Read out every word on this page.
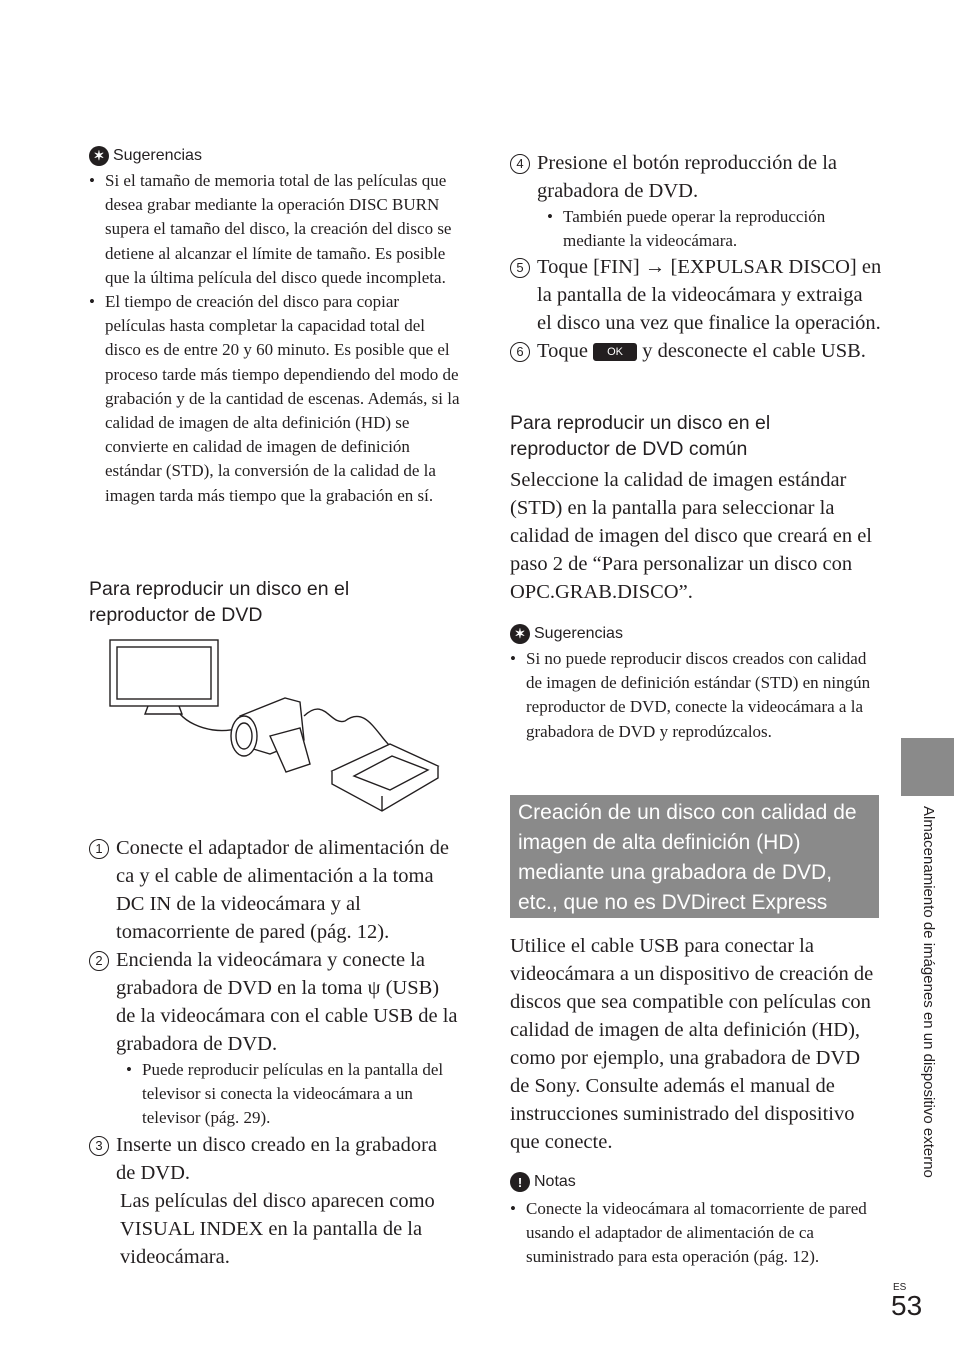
✶ Sugerencias
• Si el tamaño de memoria total de las películas que desea grabar mediante la operación DISC BURN supera el tamaño del disco, la creación del disco se detiene al alcanzar el límite de tamaño. Es posible que la última película del disco quede incompleta.
• El tiempo de creación del disco para copiar películas hasta completar la capacidad total del disco es de entre 20 y 60 minuto. Es posible que el proceso tarde más tiempo dependiendo del modo de grabación y de la cantidad de escenas. Además, si la calidad de imagen de alta definición (HD) se convierte en calidad de imagen de definición estándar (STD), la conversión de la calidad de la imagen tarda más tiempo que la grabación en sí.
Para reproducir un disco en el reproductor de DVD
1 Conecte el adaptador de alimentación de ca y el cable de alimentación a la toma DC IN de la videocámara y al tomacorriente de pared (pág. 12).
2 Encienda la videocámara y conecte la grabadora de DVD en la toma ψ (USB) de la videocámara con el cable USB de la grabadora de DVD.
• Puede reproducir películas en la pantalla del televisor si conecta la videocámara a un televisor (pág. 29).
3 Inserte un disco creado en la grabadora de DVD.
Las películas del disco aparecen como VISUAL INDEX en la pantalla de la videocámara.
4 Presione el botón reproducción de la grabadora de DVD.
• También puede operar la reproducción mediante la videocámara.
5 Toque [FIN] → [EXPULSAR DISCO] en la pantalla de la videocámara y extraiga el disco una vez que finalice la operación.
6 Toque OK y desconecte el cable USB.
Para reproducir un disco en el reproductor de DVD común
Seleccione la calidad de imagen estándar (STD) en la pantalla para seleccionar la calidad de imagen del disco que creará en el paso 2 de “Para personalizar un disco con OPC.GRAB.DISCO”.
✶ Sugerencias
• Si no puede reproducir discos creados con calidad de imagen de definición estándar (STD) en ningún reproductor de DVD, conecte la videocámara a la grabadora de DVD y reprodúzcalos.
Creación de un disco con calidad de imagen de alta definición (HD) mediante una grabadora de DVD, etc., que no es DVDirect Express
Utilice el cable USB para conectar la videocámara a un dispositivo de creación de discos que sea compatible con películas con calidad de imagen de alta definición (HD), como por ejemplo, una grabadora de DVD de Sony. Consulte además el manual de instrucciones suministrado del dispositivo que conecte.
! Notas
• Conecte la videocámara al tomacorriente de pared usando el adaptador de alimentación de ca suministrado para esta operación (pág. 12).
Almacenamiento de imágenes en un dispositivo externo
ES
53
